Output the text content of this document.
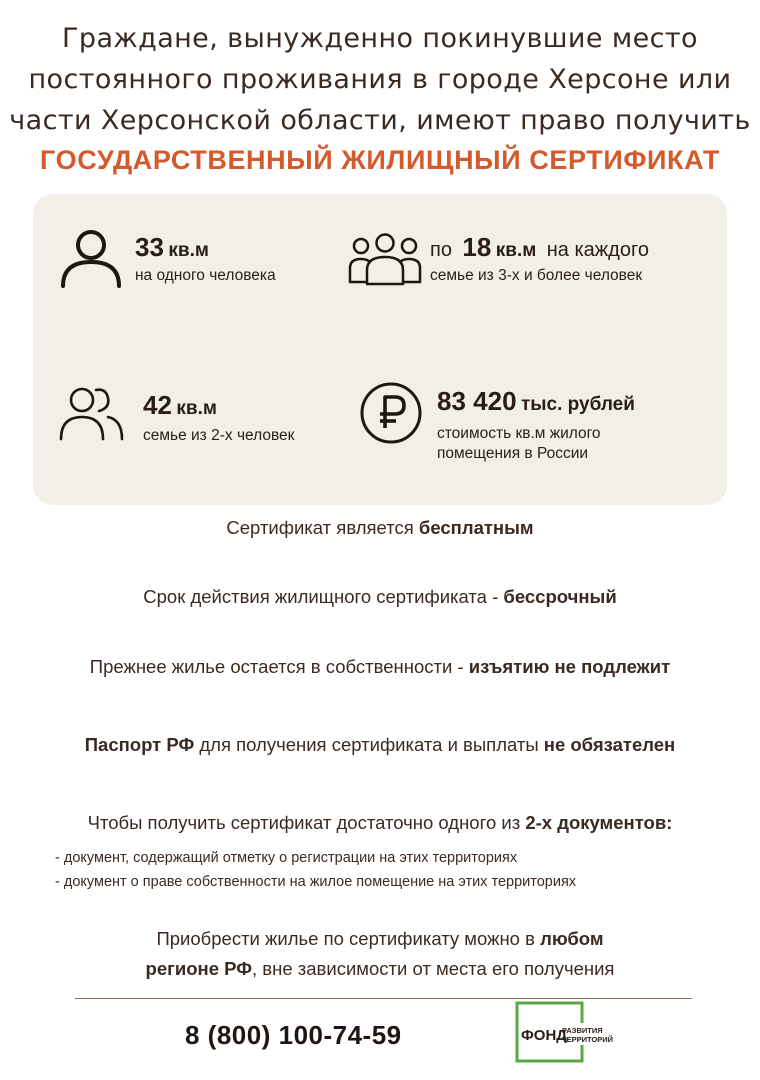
Граждане, вынужденно покинувшие место
постоянного проживания в городе Херсоне или
части Херсонской области, имеют право получить
ГОСУДАРСТВЕННЫЙ ЖИЛИЩНЫЙ СЕРТИФИКАТ
33 кв.м
на одного человека
по 18 кв.м на каждого
семье из 3-х и более человек
42 кв.м
семье из 2-х человек
83 420 тыс. рублей
стоимость кв.м жилого
помещения в России
Сертификат является бесплатным
Срок действия жилищного сертификата - бессрочный
Прежнее жилье остается в собственности - изъятию не подлежит
Паспорт РФ для получения сертификата и выплаты не обязателен
Чтобы получить сертификат достаточно одного из 2-х документов:
- документ, содержащий отметку о регистрации на этих территориях
- документ о праве собственности на жилое помещение на этих территориях
Приобрести жилье по сертификату можно в любом
регионе РФ, вне зависимости от места его получения
8 (800) 100-74-59	ФОНД
РАЗВИТИЯ
ТЕРРИТОРИЙ
